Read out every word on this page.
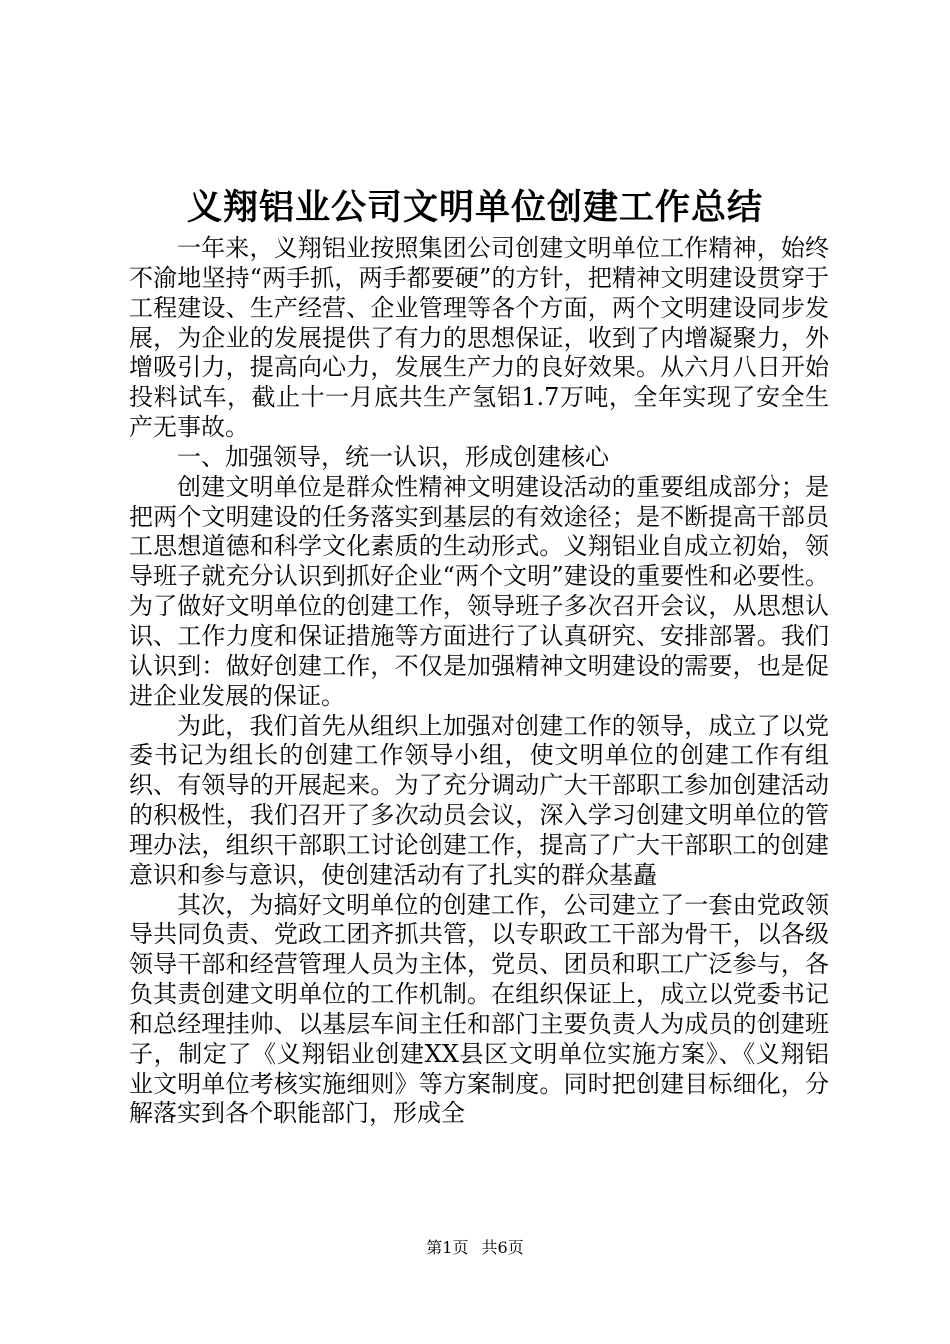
义翔铝业公司文明单位创建工作总结

一年来，义翔铝业按照集团公司创建文明单位工作精神，始终不渝地坚持“两手抓，两手都要硬”的方针，把精神文明建设贯穿于工程建设、生产经营、企业管理等各个方面，两个文明建设同步发展，为企业的发展提供了有力的思想保证，收到了内增凝聚力，外增吸引力，提高向心力，发展生产力的良好效果。从六月八日开始投料试车，截止十一月底共生产氢铝1.7万吨，全年实现了安全生产无事故。

一、加强领导，统一认识，形成创建核心

创建文明单位是群众性精神文明建设活动的重要组成部分；是把两个文明建设的任务落实到基层的有效途径；是不断提高干部员工思想道德和科学文化素质的生动形式。义翔铝业自成立初始，领导班子就充分认识到抓好企业“两个文明”建设的重要性和必要性。为了做好文明单位的创建工作，领导班子多次召开会议，从思想认识、工作力度和保证措施等方面进行了认真研究、安排部署。我们认识到：做好创建工作，不仅是加强精神文明建设的需要，也是促进企业发展的保证。

为此，我们首先从组织上加强对创建工作的领导，成立了以党委书记为组长的创建工作领导小组，使文明单位的创建工作有组织、有领导的开展起来。为了充分调动广大干部职工参加创建活动的积极性，我们召开了多次动员会议，深入学习创建文明单位的管理办法，组织干部职工讨论创建工作，提高了广大干部职工的创建意识和参与意识，使创建活动有了扎实的群众基矗

其次，为搞好文明单位的创建工作，公司建立了一套由党政领导共同负责、党政工团齐抓共管，以专职政工干部为骨干，以各级领导干部和经营管理人员为主体，党员、团员和职工广泛参与，各负其责创建文明单位的工作机制。在组织保证上，成立以党委书记和总经理挂帅、以基层车间主任和部门主要负责人为成员的创建班子，制定了《义翔铝业创建XX县区文明单位实施方案》、《义翔铝业文明单位考核实施细则》等方案制度。同时把创建目标细化，分解落实到各个职能部门，形成全

第1页 共6页
